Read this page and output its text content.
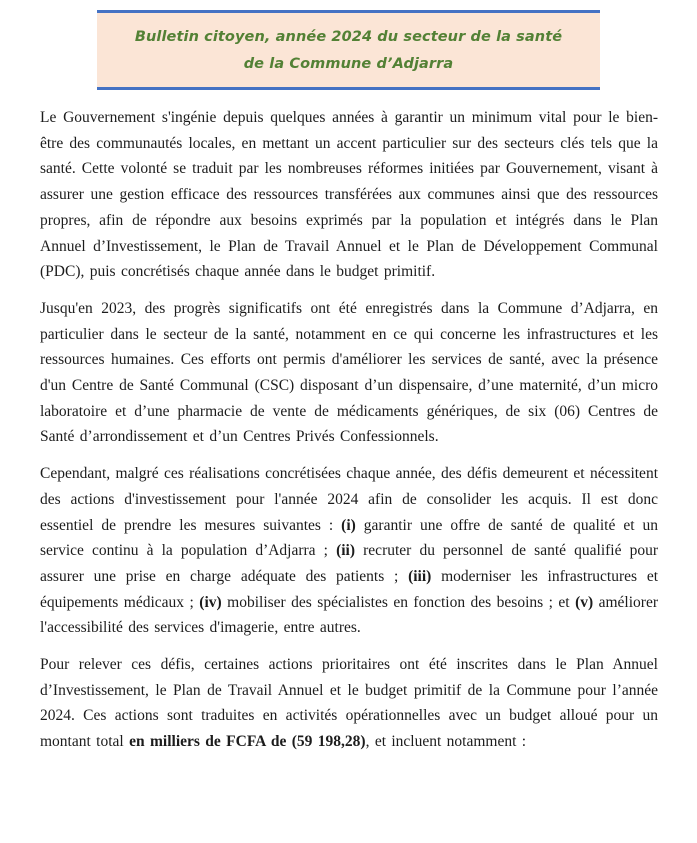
Bulletin citoyen, année 2024 du secteur de la santé de la Commune d’Adjarra

Le Gouvernement s'ingénie depuis quelques années à garantir un minimum vital pour le bien-être des communautés locales, en mettant un accent particulier sur des secteurs clés tels que la santé. Cette volonté se traduit par les nombreuses réformes initiées par Gouvernement, visant à assurer une gestion efficace des ressources transférées aux communes ainsi que des ressources propres, afin de répondre aux besoins exprimés par la population et intégrés dans le Plan Annuel d’Investissement, le Plan de Travail Annuel et le Plan de Développement Communal (PDC), puis concrétisés chaque année dans le budget primitif.

Jusqu'en 2023, des progrès significatifs ont été enregistrés dans la Commune d’Adjarra, en particulier dans le secteur de la santé, notamment en ce qui concerne les infrastructures et les ressources humaines. Ces efforts ont permis d'améliorer les services de santé, avec la présence d'un Centre de Santé Communal (CSC) disposant d’un dispensaire, d’une maternité, d’un micro laboratoire et d’une pharmacie de vente de médicaments génériques, de six (06) Centres de Santé d’arrondissement et d’un Centres Privés Confessionnels.

Cependant, malgré ces réalisations concrétisées chaque année, des défis demeurent et nécessitent des actions d'investissement pour l'année 2024 afin de consolider les acquis. Il est donc essentiel de prendre les mesures suivantes : (i) garantir une offre de santé de qualité et un service continu à la population d’Adjarra ; (ii) recruter du personnel de santé qualifié pour assurer une prise en charge adéquate des patients ; (iii) moderniser les infrastructures et équipements médicaux ; (iv) mobiliser des spécialistes en fonction des besoins ; et (v) améliorer l'accessibilité des services d'imagerie, entre autres.

Pour relever ces défis, certaines actions prioritaires ont été inscrites dans le Plan Annuel d’Investissement, le Plan de Travail Annuel et le budget primitif de la Commune pour l’année 2024. Ces actions sont traduites en activités opérationnelles avec un budget alloué pour un montant total en milliers de FCFA de (59 198,28), et incluent notamment :
